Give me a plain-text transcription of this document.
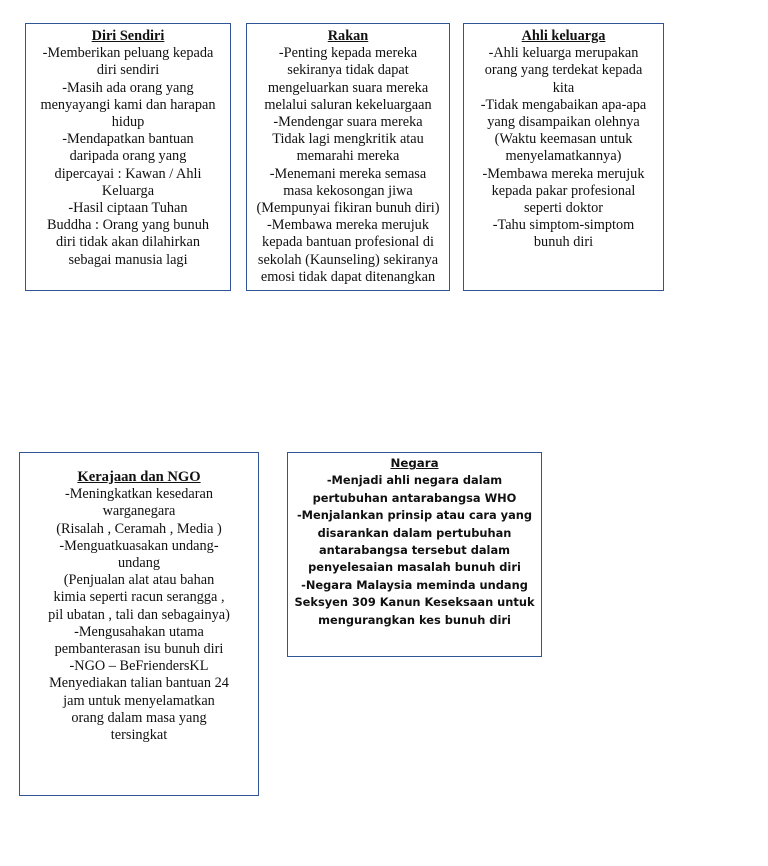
Diri Sendiri
-Memberikan peluang kepada
diri sendiri
-Masih ada orang yang
menyayangi kami dan harapan
hidup
-Mendapatkan bantuan
daripada orang yang
dipercayai : Kawan / Ahli
Keluarga
-Hasil ciptaan Tuhan
Buddha : Orang yang bunuh
diri tidak akan dilahirkan
sebagai manusia lagi
Rakan
-Penting kepada mereka
sekiranya tidak dapat
mengeluarkan suara mereka
melalui saluran kekeluargaan
-Mendengar suara mereka
Tidak lagi mengkritik atau
memarahi mereka
-Menemani mereka semasa
masa kekosongan jiwa
(Mempunyai fikiran bunuh diri)
-Membawa mereka merujuk
kepada bantuan profesional di
sekolah (Kaunseling) sekiranya
emosi tidak dapat ditenangkan
Ahli keluarga
-Ahli keluarga merupakan
orang yang terdekat kepada
kita
-Tidak mengabaikan apa-apa
yang disampaikan olehnya
(Waktu keemasan untuk
menyelamatkannya)
-Membawa mereka merujuk
kepada pakar profesional
seperti doktor
-Tahu simptom-simptom
bunuh diri
Kerajaan dan NGO
-Meningkatkan kesedaran
warganegara
(Risalah , Ceramah , Media )
-Menguatkuasakan undang-
undang
(Penjualan alat atau bahan
kimia seperti racun serangga ,
pil ubatan , tali dan sebagainya)
-Mengusahakan utama
pembanterasan isu bunuh diri
-NGO – BeFriendersKL
Menyediakan talian bantuan 24
jam untuk menyelamatkan
orang dalam masa yang
tersingkat
Negara
-Menjadi ahli negara dalam
pertubuhan antarabangsa WHO
-Menjalankan prinsip atau cara yang
disarankan dalam pertubuhan
antarabangsa tersebut dalam
penyelesaian masalah bunuh diri
-Negara Malaysia meminda undang
Seksyen 309 Kanun Keseksaan untuk
mengurangkan kes bunuh diri
